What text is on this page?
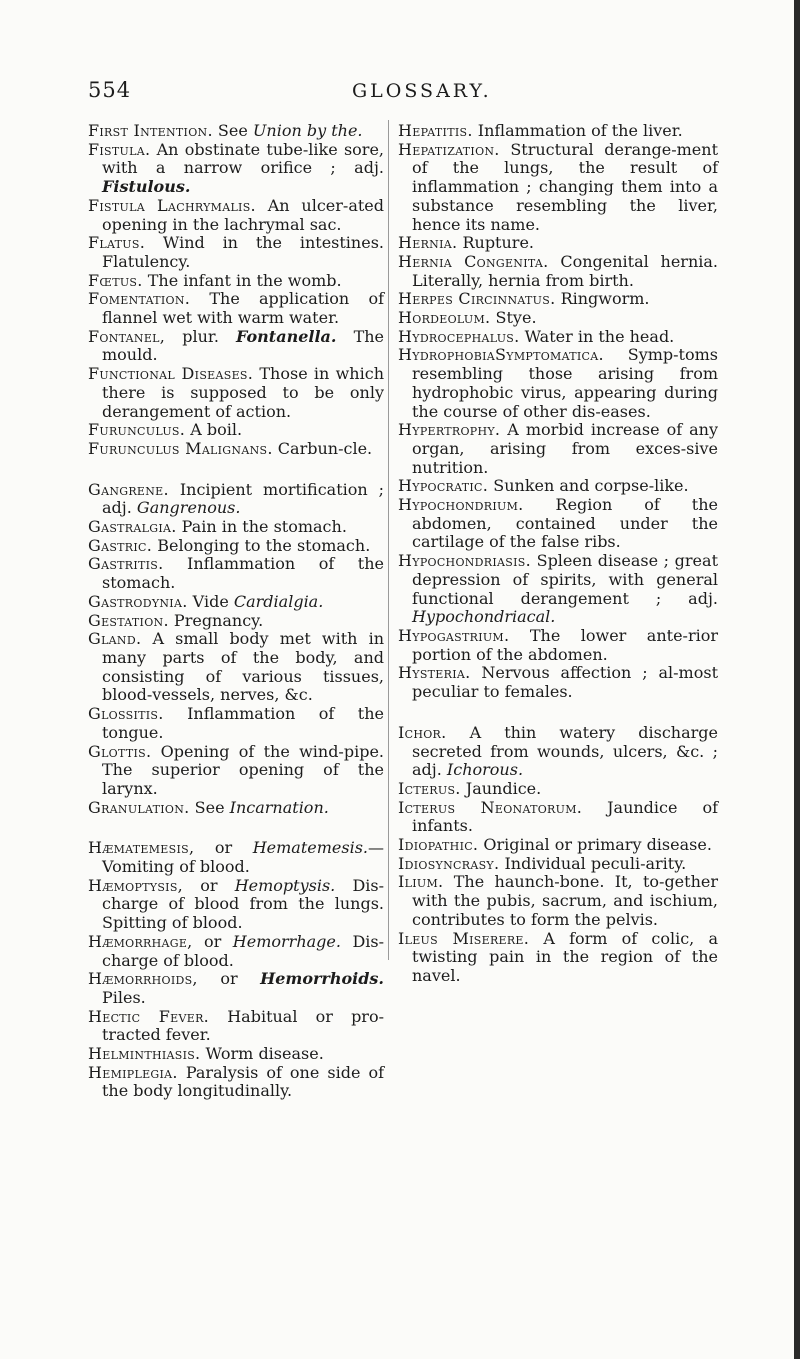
554	GLOSSARY.
First Intention. See Union by the.
Fistula. An obstinate tube-like sore, with a narrow orifice ; adj. Fistulous.
Fistula Lachrymalis. An ulcer-ated opening in the lachrymal sac.
Flatus. Wind in the intestines. Flatulency.
Fœtus. The infant in the womb.
Fomentation. The application of flannel wet with warm water.
Fontanel, plur. Fontanella. The mould.
Functional Diseases. Those in which there is supposed to be only derangement of action.
Furunculus. A boil.
Furunculus Malignans. Carbun-cle.
Gangrene. Incipient mortification ; adj. Gangrenous.
Gastralgia. Pain in the stomach.
Gastric. Belonging to the stomach.
Gastritis. Inflammation of the stomach.
Gastrodynia. Vide Cardialgia.
Gestation. Pregnancy.
Gland. A small body met with in many parts of the body, and consisting of various tissues, blood-vessels, nerves, &c.
Glossitis. Inflammation of the tongue.
Glottis. Opening of the wind-pipe. The superior opening of the larynx.
Granulation. See Incarnation.
Hæmatemesis, or Hematemesis.— Vomiting of blood.
Hæmoptysis, or Hemoptysis. Dis-charge of blood from the lungs. Spitting of blood.
Hæmorrhage, or Hemorrhage. Dis-charge of blood.
Hæmorrhoids, or Hemorrhoids. Piles.
Hectic Fever. Habitual or pro-tracted fever.
Helminthiasis. Worm disease.
Hemiplegia. Paralysis of one side of the body longitudinally.
Hepatitis. Inflammation of the liver.
Hepatization. Structural derange-ment of the lungs, the result of inflammation ; changing them into a substance resembling the liver, hence its name.
Hernia. Rupture.
Hernia Congenita. Congenital hernia. Literally, hernia from birth.
Herpes Circinnatus. Ringworm.
Hordeolum. Stye.
Hydrocephalus. Water in the head.
HydrophobiaSymptomatica. Symp-toms resembling those arising from hydrophobic virus, appearing during the course of other dis-eases.
Hypertrophy. A morbid increase of any organ, arising from exces-sive nutrition.
Hypocratic. Sunken and corpse-like.
Hypochondrium. Region of the abdomen, contained under the cartilage of the false ribs.
Hypochondriasis. Spleen disease ; great depression of spirits, with general functional derangement ; adj. Hypochondriacal.
Hypogastrium. The lower ante-rior portion of the abdomen.
Hysteria. Nervous affection ; al-most peculiar to females.
Ichor. A thin watery discharge secreted from wounds, ulcers, &c. ; adj. Ichorous.
Icterus. Jaundice.
Icterus Neonatorum. Jaundice of infants.
Idiopathic. Original or primary disease.
Idiosyncrasy. Individual peculi-arity.
Ilium. The haunch-bone. It, to-gether with the pubis, sacrum, and ischium, contributes to form the pelvis.
Ileus Miserere. A form of colic, a twisting pain in the region of the navel.
